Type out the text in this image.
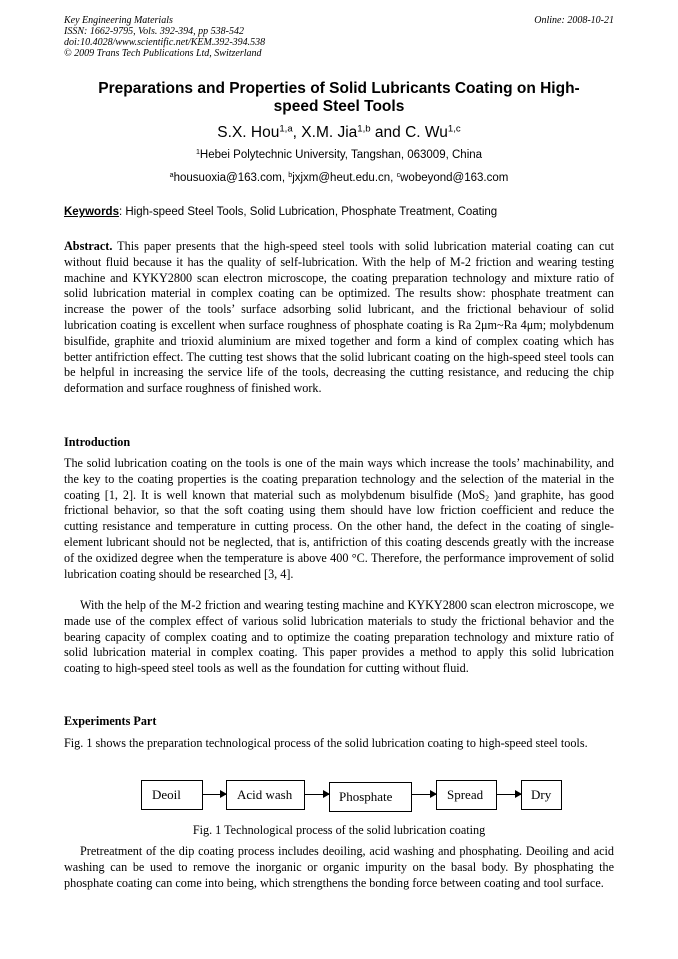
Key Engineering Materials
ISSN: 1662-9795, Vols. 392-394, pp 538-542
doi:10.4028/www.scientific.net/KEM.392-394.538
© 2009 Trans Tech Publications Ltd, Switzerland
Online: 2008-10-21
Preparations and Properties of Solid Lubricants Coating on High-speed Steel Tools
S.X. Hou$^{1,a}$, X.M. Jia$^{1,b}$ and C. Wu$^{1,c}$
$^1$Hebei Polytechnic University, Tangshan, 063009, China
$^a$housuoxia@163.com, $^b$jxjxm@heut.edu.cn, $^c$wobeyond@163.com
Keywords: High-speed Steel Tools, Solid Lubrication, Phosphate Treatment, Coating

Abstract. This paper presents that the high-speed steel tools with solid lubrication material coating can cut without fluid because it has the quality of self-lubrication. With the help of M-2 friction and wearing testing machine and KYKY2800 scan electron microscope, the coating preparation technology and mixture ratio of solid lubrication material in complex coating can be optimized. The results show: phosphate treatment can increase the power of the tools’ surface adsorbing solid lubricant, and the frictional behaviour of solid lubrication coating is excellent when surface roughness of phosphate coating is Ra 2μm~Ra 4μm; molybdenum bisulfide, graphite and trioxid aluminium are mixed together and form a kind of complex coating which has better antifriction effect. The cutting test shows that the solid lubricant coating on the high-speed steel tools can be helpful in increasing the service life of the tools, decreasing the cutting resistance, and reducing the chip deformation and surface roughness of finished work.

Introduction

The solid lubrication coating on the tools is one of the main ways which increase the tools’ machinability, and the key to the coating properties is the coating preparation technology and the selection of the material in the coating [1, 2]. It is well known that material such as molybdenum bisulfide (MoS$_2$ )and graphite, has good frictional behavior, so that the soft coating using them should have low friction coefficient and reduce the cutting resistance and temperature in cutting process. On the other hand, the defect in the coating of single-element lubricant should not be neglected, that is, antifriction of this coating descends greatly with the increase of the oxidized degree when the temperature is above 400 °C. Therefore, the performance improvement of solid lubrication coating should be researched [3, 4].

With the help of the M-2 friction and wearing testing machine and KYKY2800 scan electron microscope, we made use of the complex effect of various solid lubrication materials to study the frictional behavior and the bearing capacity of complex coating and to optimize the coating preparation technology and mixture ratio of solid lubrication material in complex coating. This paper provides a method to apply this solid lubrication coating to high-speed steel tools as well as the foundation for cutting without fluid.

Experiments Part

Fig. 1 shows the preparation technological process of the solid lubrication coating to high-speed steel tools.

Deoil	Acid wash	Phosphate	Spread	Dry
Fig. 1 Technological process of the solid lubrication coating

Pretreatment of the dip coating process includes deoiling, acid washing and phosphating. Deoiling and acid washing can be used to remove the inorganic or organic impurity on the basal body. By phosphating the phosphate coating can come into being, which strengthens the bonding force between coating and tool surface.
